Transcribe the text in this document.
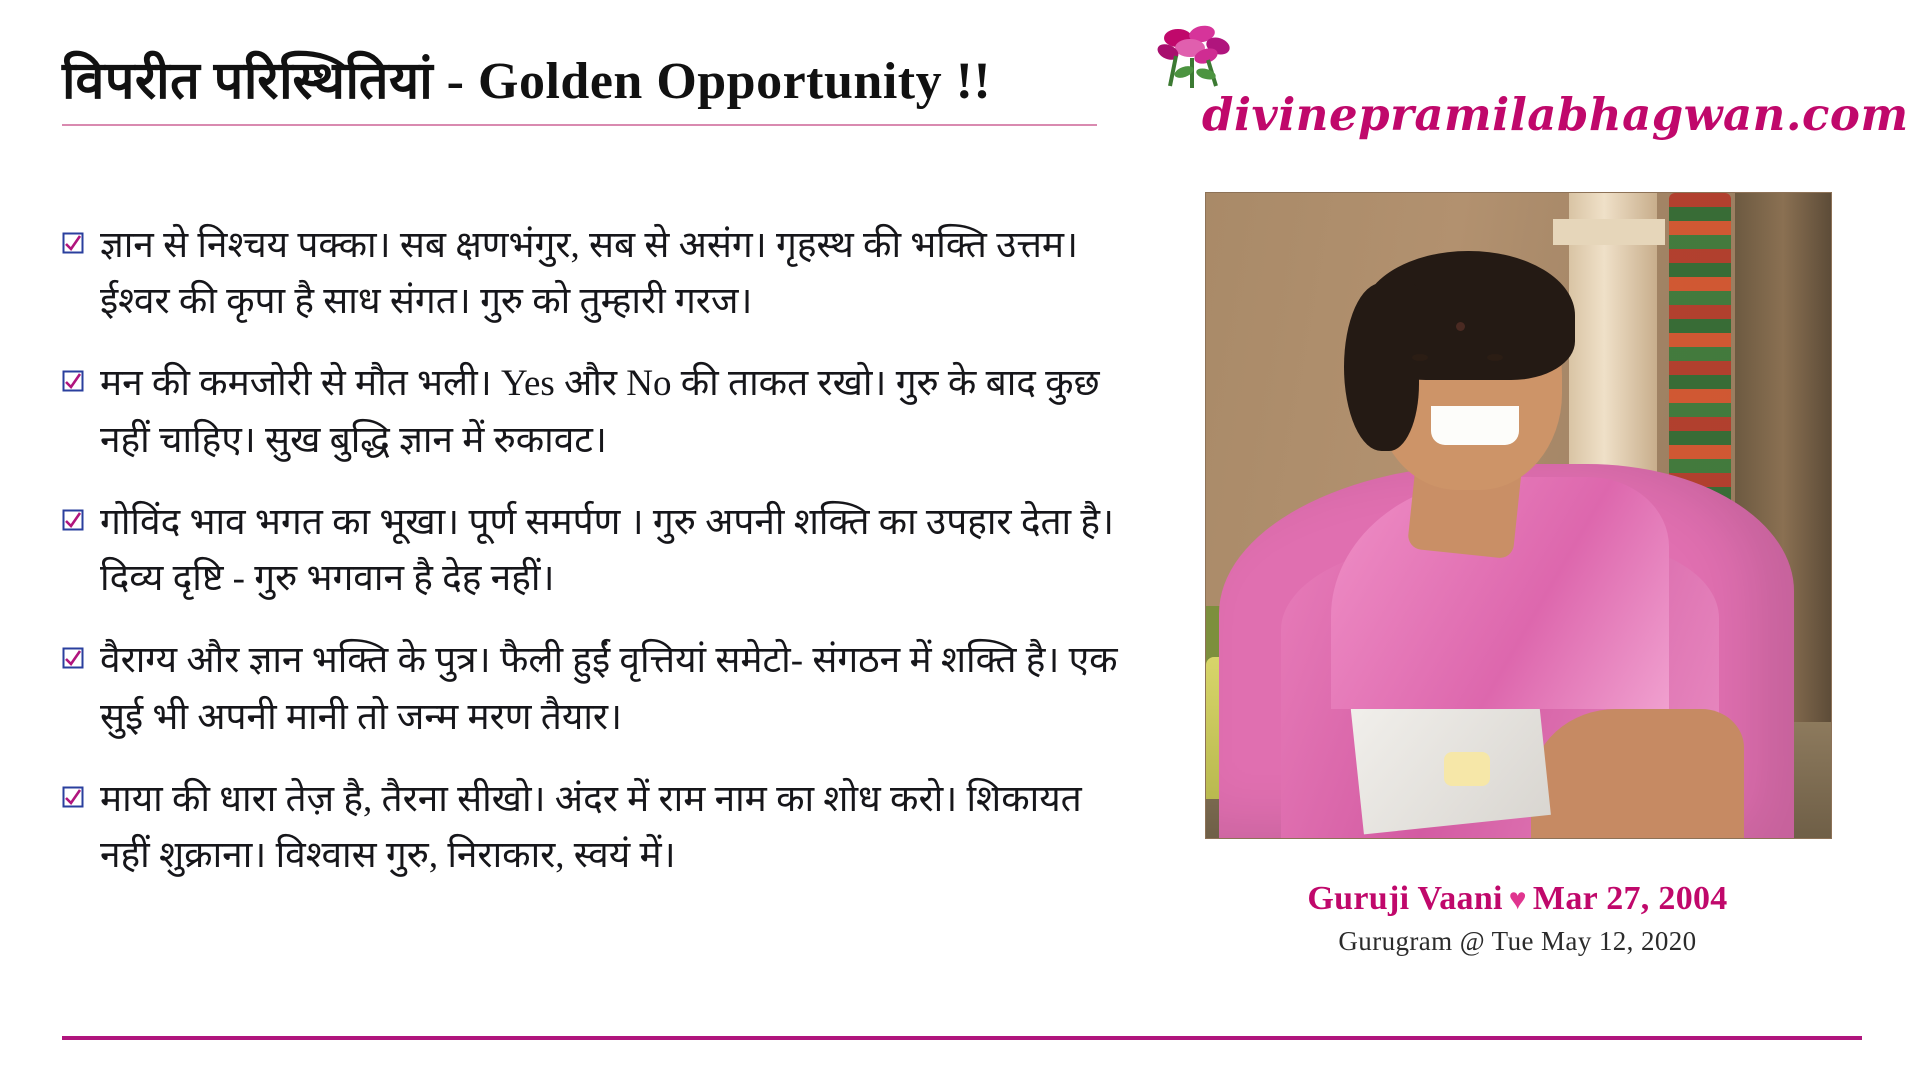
विपरीत परिस्थितियां - Golden Opportunity !!
divinepramilabhagwan.com
ज्ञान से निश्चय पक्का। सब क्षणभंगुर, सब से असंग। गृहस्थ की भक्ति उत्तम। ईश्वर की कृपा है साध संगत। गुरु को तुम्हारी गरज।
मन की कमजोरी से मौत भली। Yes और No की ताकत रखो। गुरु के बाद कुछ नहीं चाहिए। सुख बुद्धि ज्ञान में रुकावट।
गोविंद भाव भगत का भूखा। पूर्ण समर्पण । गुरु अपनी शक्ति का उपहार देता है। दिव्य दृष्टि - गुरु भगवान है देह नहीं।
वैराग्य और ज्ञान भक्ति के पुत्र। फैली हुईं वृत्तियां समेटो- संगठन में शक्ति है। एक सुई भी अपनी मानी तो जन्म मरण तैयार।
माया की धारा तेज़ है, तैरना सीखो। अंदर में राम नाम का शोध करो। शिकायत नहीं शुक्राना। विश्वास गुरु, निराकार, स्वयं में।
Guruji Vaani ♥ Mar 27, 2004
Gurugram @ Tue May 12, 2020
